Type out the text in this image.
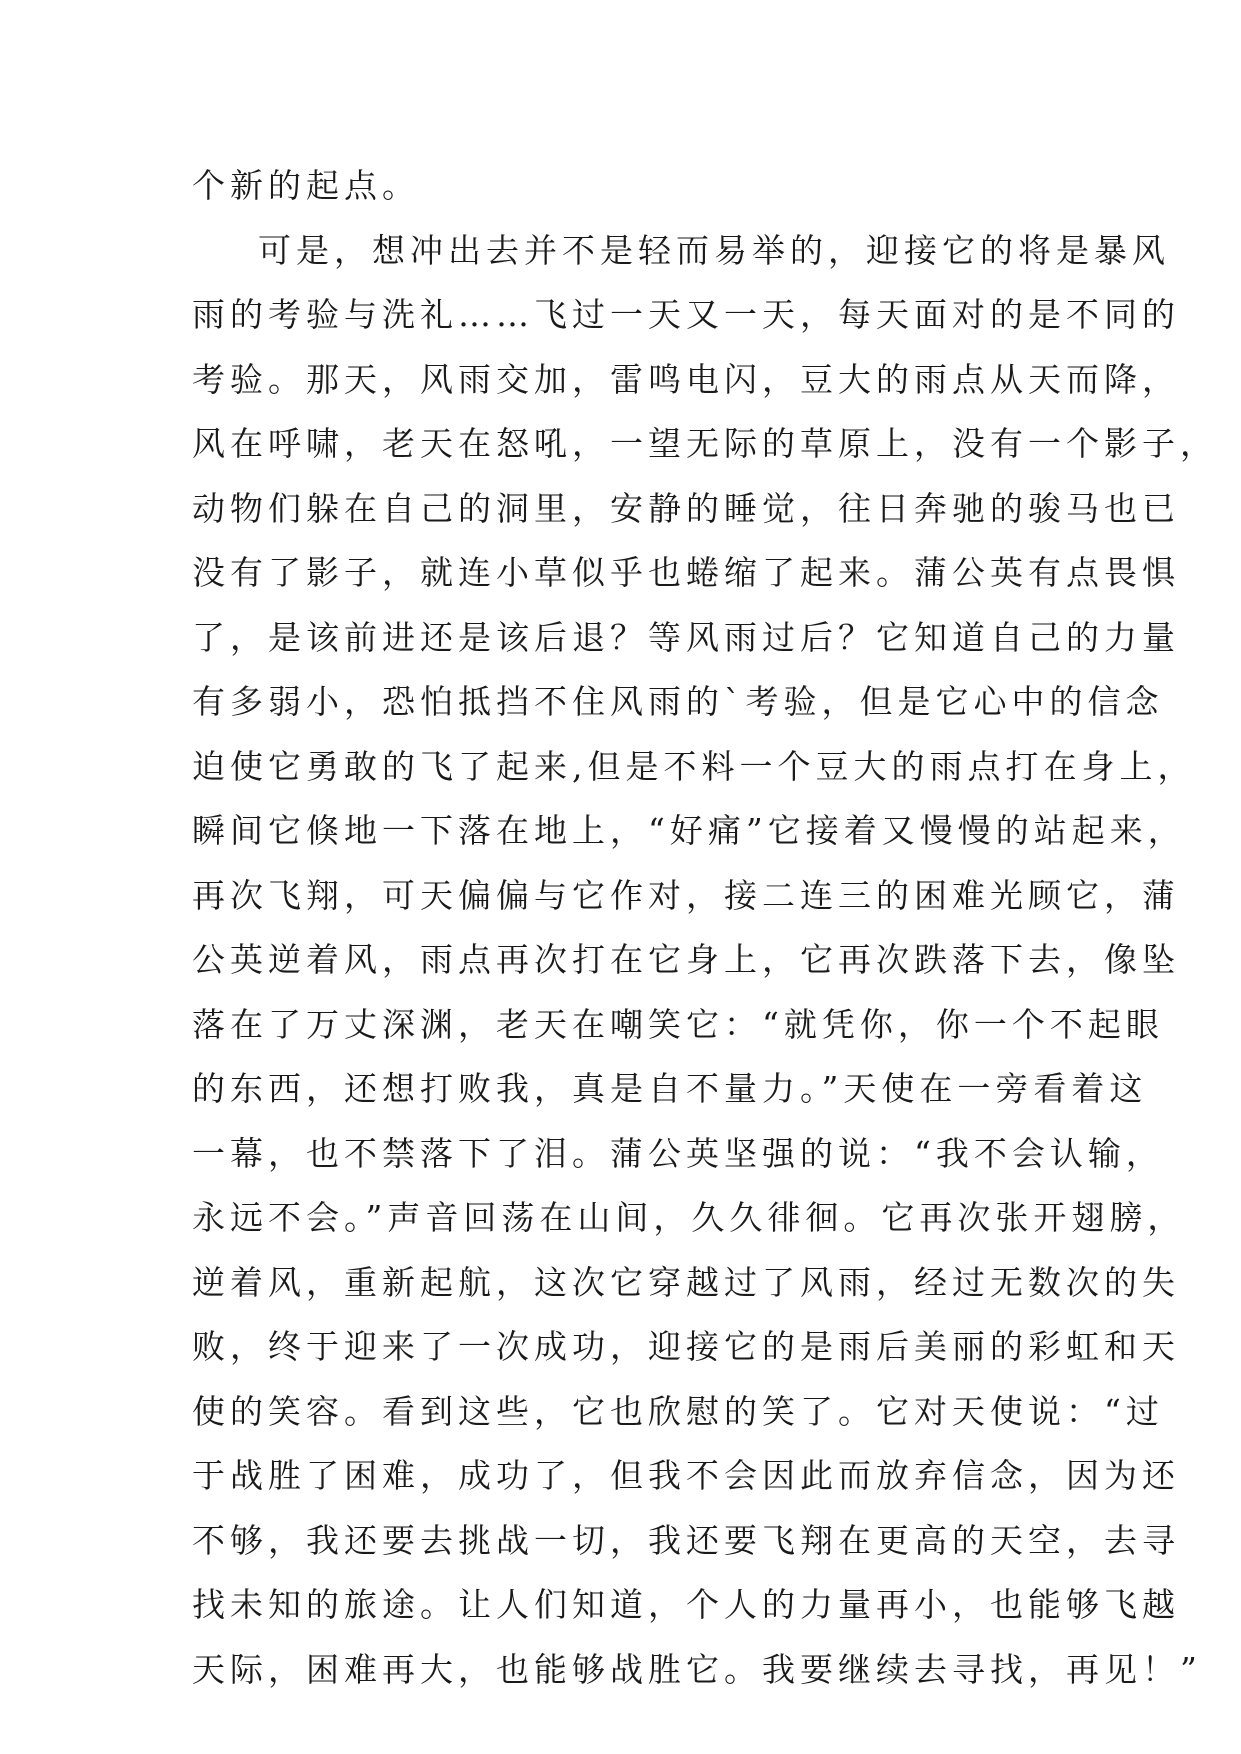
个新的起点。
可是，想冲出去并不是轻而易举的，迎接它的将是暴风
雨的考验与洗礼……飞过一天又一天，每天面对的是不同的
考验。那天，风雨交加，雷鸣电闪，豆大的雨点从天而降，
风在呼啸，老天在怒吼，一望无际的草原上，没有一个影子，
动物们躲在自己的洞里，安静的睡觉，往日奔驰的骏马也已
没有了影子，就连小草似乎也蜷缩了起来。蒲公英有点畏惧
了，是该前进还是该后退？等风雨过后？它知道自己的力量
有多弱小，恐怕抵挡不住风雨的`考验，但是它心中的信念
迫使它勇敢的飞了起来,但是不料一个豆大的雨点打在身上，
瞬间它倏地一下落在地上，“好痛”它接着又慢慢的站起来，
再次飞翔，可天偏偏与它作对，接二连三的困难光顾它，蒲
公英逆着风，雨点再次打在它身上，它再次跌落下去，像坠
落在了万丈深渊，老天在嘲笑它：“就凭你，你一个不起眼
的东西，还想打败我，真是自不量力。”天使在一旁看着这
一幕，也不禁落下了泪。蒲公英坚强的说：“我不会认输，
永远不会。”声音回荡在山间，久久徘徊。它再次张开翅膀，
逆着风，重新起航，这次它穿越过了风雨，经过无数次的失
败，终于迎来了一次成功，迎接它的是雨后美丽的彩虹和天
使的笑容。看到这些，它也欣慰的笑了。它对天使说：“过
于战胜了困难，成功了，但我不会因此而放弃信念，因为还
不够，我还要去挑战一切，我还要飞翔在更高的天空，去寻
找未知的旅途。让人们知道，个人的力量再小，也能够飞越
天际，困难再大，也能够战胜它。我要继续去寻找，再见！”
